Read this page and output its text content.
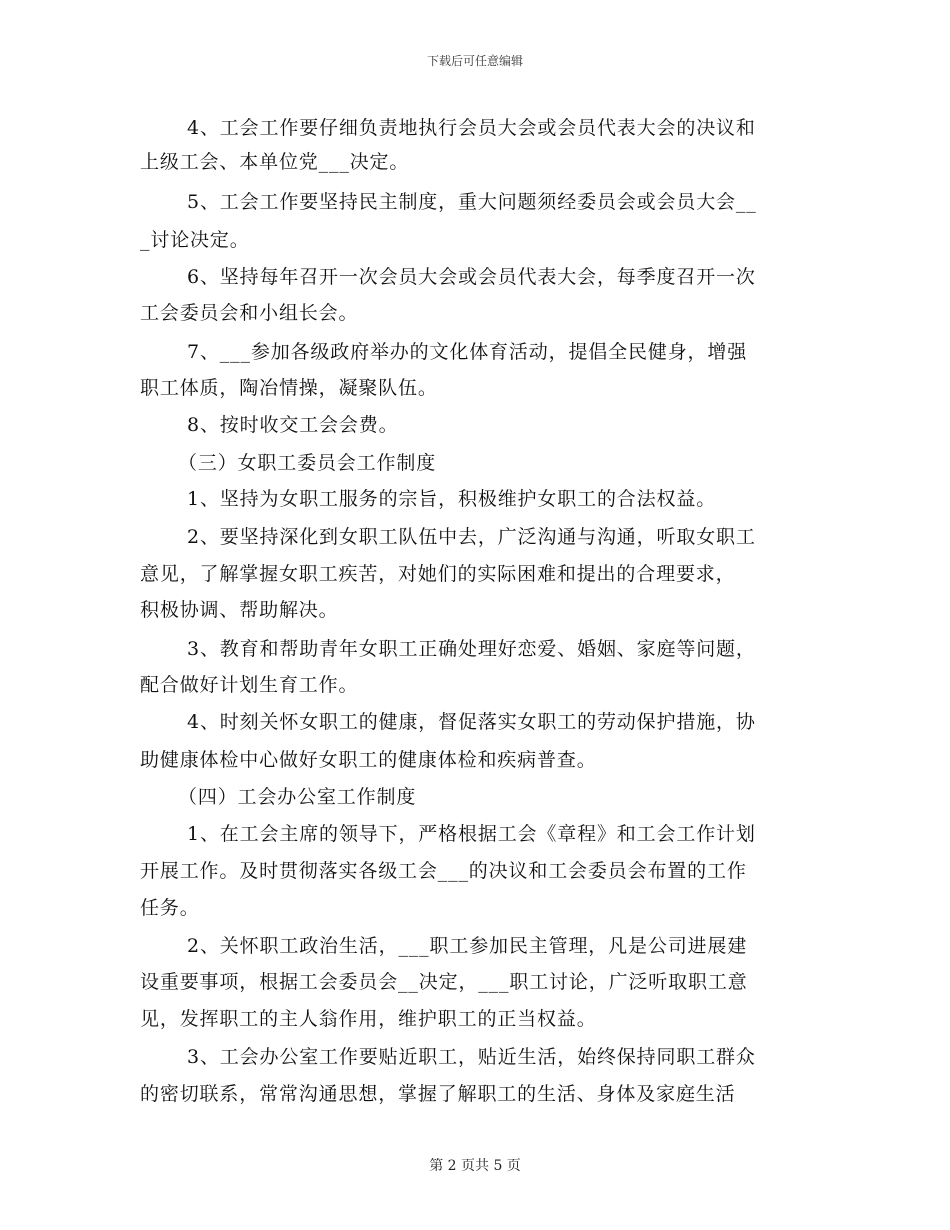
下载后可任意编辑
4、工会工作要仔细负责地执行会员大会或会员代表大会的决议和
上级工会、本单位党___决定。
5、工会工作要坚持民主制度，重大问题须经委员会或会员大会__
_讨论决定。
6、坚持每年召开一次会员大会或会员代表大会，每季度召开一次
工会委员会和小组长会。
7、___参加各级政府举办的文化体育活动，提倡全民健身，增强
职工体质，陶冶情操，凝聚队伍。
8、按时收交工会会费。
（三）女职工委员会工作制度
1、坚持为女职工服务的宗旨，积极维护女职工的合法权益。
2、要坚持深化到女职工队伍中去，广泛沟通与沟通，听取女职工
意见，了解掌握女职工疾苦，对她们的实际困难和提出的合理要求，
积极协调、帮助解决。
3、教育和帮助青年女职工正确处理好恋爱、婚姻、家庭等问题，
配合做好计划生育工作。
4、时刻关怀女职工的健康，督促落实女职工的劳动保护措施，协
助健康体检中心做好女职工的健康体检和疾病普查。
（四）工会办公室工作制度
1、在工会主席的领导下，严格根据工会《章程》和工会工作计划
开展工作。及时贯彻落实各级工会___的决议和工会委员会布置的工作
任务。
2、关怀职工政治生活，___职工参加民主管理，凡是公司进展建
设重要事项，根据工会委员会__决定，___职工讨论，广泛听取职工意
见，发挥职工的主人翁作用，维护职工的正当权益。
3、工会办公室工作要贴近职工，贴近生活，始终保持同职工群众
的密切联系，常常沟通思想，掌握了解职工的生活、身体及家庭生活
第 2 页共 5 页
